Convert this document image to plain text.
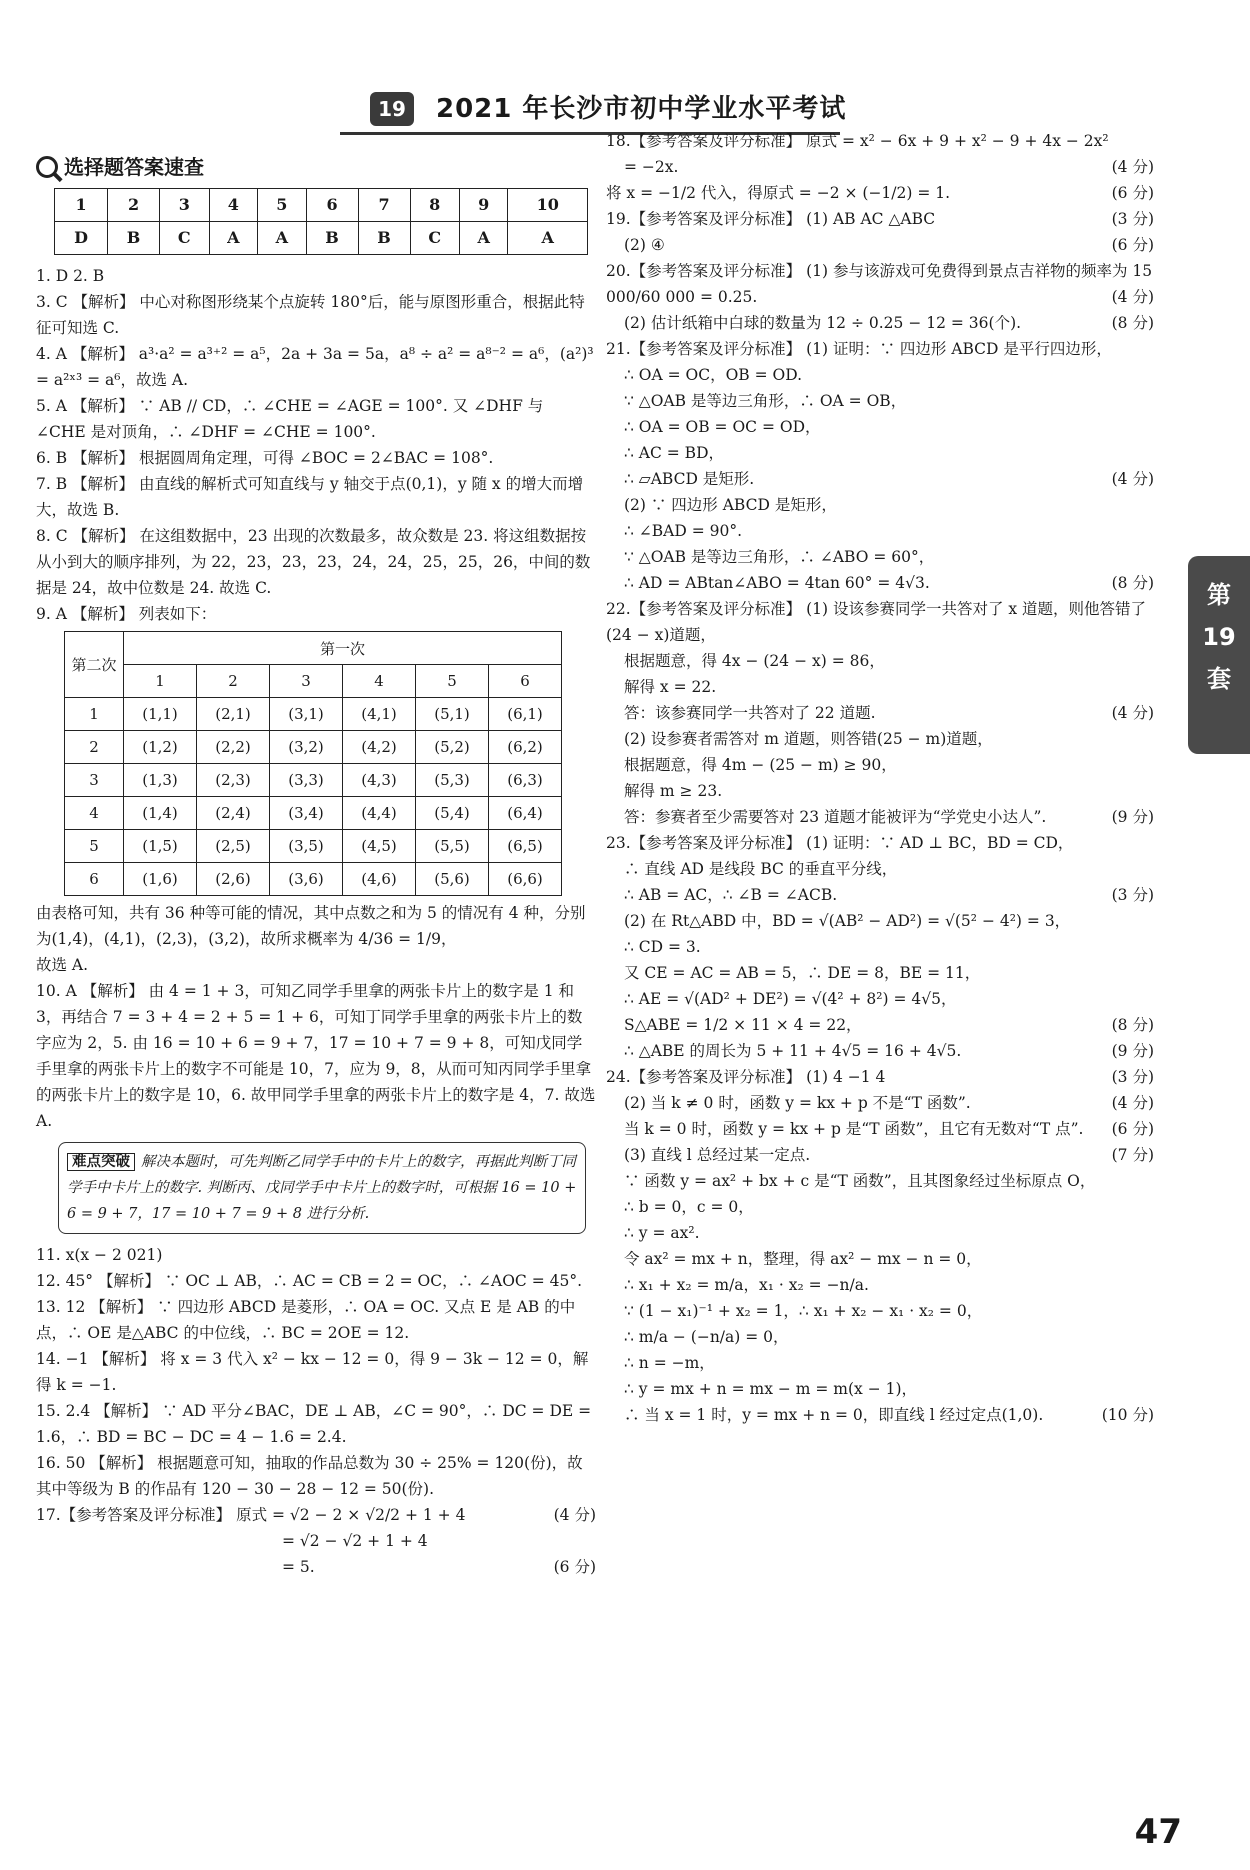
19	2021 年长沙市初中学业水平考试
选择题答案速查
1	2	3	4	5	6	7	8	9	10
D	B	C	A	A	B	B	C	A	A

1. D 2. B

3. C 【解析】 中心对称图形绕某个点旋转 180°后，能与原图形重合，根据此特征可知选 C.

4. A 【解析】 a³·a² = a³⁺² = a⁵，2a + 3a = 5a，a⁸ ÷ a² = a⁸⁻² = a⁶，(a²)³ = a²ˣ³ = a⁶，故选 A.

5. A 【解析】 ∵ AB // CD，∴ ∠CHE = ∠AGE = 100°. 又 ∠DHF 与 ∠CHE 是对顶角，∴ ∠DHF = ∠CHE = 100°.

6. B 【解析】 根据圆周角定理，可得 ∠BOC = 2∠BAC = 108°.

7. B 【解析】 由直线的解析式可知直线与 y 轴交于点(0,1)，y 随 x 的增大而增大，故选 B.

8. C 【解析】 在这组数据中，23 出现的次数最多，故众数是 23. 将这组数据按从小到大的顺序排列，为 22，23，23，23，24，24，25，25，26，中间的数据是 24，故中位数是 24. 故选 C.

9. A 【解析】 列表如下：

第二次	第一次					
	1	2	3	4	5	6
1	(1,1)	(2,1)	(3,1)	(4,1)	(5,1)	(6,1)
2	(1,2)	(2,2)	(3,2)	(4,2)	(5,2)	(6,2)
3	(1,3)	(2,3)	(3,3)	(4,3)	(5,3)	(6,3)
4	(1,4)	(2,4)	(3,4)	(4,4)	(5,4)	(6,4)
5	(1,5)	(2,5)	(3,5)	(4,5)	(5,5)	(6,5)
6	(1,6)	(2,6)	(3,6)	(4,6)	(5,6)	(6,6)

由表格可知，共有 36 种等可能的情况，其中点数之和为 5 的情况有 4 种，分别为(1,4)，(4,1)，(2,3)，(3,2)，故所求概率为 4/36 = 1/9，

故选 A.

10. A 【解析】 由 4 = 1 + 3，可知乙同学手里拿的两张卡片上的数字是 1 和 3，再结合 7 = 3 + 4 = 2 + 5 = 1 + 6，可知丁同学手里拿的两张卡片上的数字应为 2，5. 由 16 = 10 + 6 = 9 + 7，17 = 10 + 7 = 9 + 8，可知戊同学手里拿的两张卡片上的数字不可能是 10，7，应为 9，8，从而可知丙同学手里拿的两张卡片上的数字是 10，6. 故甲同学手里拿的两张卡片上的数字是 4，7. 故选 A.

难点突破 解决本题时，可先判断乙同学手中的卡片上的数字，再据此判断丁同学手中卡片上的数字. 判断丙、戊同学手中卡片上的数字时，可根据 16 = 10 + 6 = 9 + 7，17 = 10 + 7 = 9 + 8 进行分析.

11. x(x − 2 021)

12. 45° 【解析】 ∵ OC ⊥ AB，∴ AC = CB = 2 = OC，∴ ∠AOC = 45°.

13. 12 【解析】 ∵ 四边形 ABCD 是菱形，∴ OA = OC. 又点 E 是 AB 的中点，∴ OE 是△ABC 的中位线，∴ BC = 2OE = 12.

14. −1 【解析】 将 x = 3 代入 x² − kx − 12 = 0，得 9 − 3k − 12 = 0，解得 k = −1.

15. 2.4 【解析】 ∵ AD 平分∠BAC，DE ⊥ AB，∠C = 90°，∴ DC = DE = 1.6，∴ BD = BC − DC = 4 − 1.6 = 2.4.

16. 50 【解析】 根据题意可知，抽取的作品总数为 30 ÷ 25% = 120(份)，故其中等级为 B 的作品有 120 − 30 − 28 − 12 = 50(份).

17.【参考答案及评分标准】 原式 = √2 − 2 × √2/2 + 1 + 4	(4 分)

= √2 − √2 + 1 + 4

= 5.	(6 分)

18.【参考答案及评分标准】 原式 = x² − 6x + 9 + x² − 9 + 4x − 2x²

= −2x.	(4 分)

将 x = −1/2 代入，得原式 = −2 × (−1/2) = 1.	(6 分)

19.【参考答案及评分标准】 (1) AB AC △ABC	(3 分)

(2) ④	(6 分)

20.【参考答案及评分标准】 (1) 参与该游戏可免费得到景点吉祥物的频率为 15 000/60 000 = 0.25.	(4 分)

(2) 估计纸箱中白球的数量为 12 ÷ 0.25 − 12 = 36(个).	(8 分)

21.【参考答案及评分标准】 (1) 证明：∵ 四边形 ABCD 是平行四边形，

∴ OA = OC，OB = OD.

∵ △OAB 是等边三角形，∴ OA = OB，

∴ OA = OB = OC = OD，

∴ AC = BD，

∴ ▱ABCD 是矩形.	(4 分)

(2) ∵ 四边形 ABCD 是矩形，

∴ ∠BAD = 90°.

∵ △OAB 是等边三角形，∴ ∠ABO = 60°，

∴ AD = ABtan∠ABO = 4tan 60° = 4√3.	(8 分)

22.【参考答案及评分标准】 (1) 设该参赛同学一共答对了 x 道题，则他答错了(24 − x)道题，

根据题意，得 4x − (24 − x) = 86，

解得 x = 22.

答：该参赛同学一共答对了 22 道题.	(4 分)

(2) 设参赛者需答对 m 道题，则答错(25 − m)道题，

根据题意，得 4m − (25 − m) ≥ 90，

解得 m ≥ 23.

答：参赛者至少需要答对 23 道题才能被评为“学党史小达人”.	(9 分)

23.【参考答案及评分标准】 (1) 证明：∵ AD ⊥ BC，BD = CD，

∴ 直线 AD 是线段 BC 的垂直平分线，

∴ AB = AC，∴ ∠B = ∠ACB.	(3 分)

(2) 在 Rt△ABD 中，BD = √(AB² − AD²) = √(5² − 4²) = 3，

∴ CD = 3.

又 CE = AC = AB = 5，∴ DE = 8，BE = 11，

∴ AE = √(AD² + DE²) = √(4² + 8²) = 4√5，

S△ABE = 1/2 × 11 × 4 = 22，	(8 分)

∴ △ABE 的周长为 5 + 11 + 4√5 = 16 + 4√5.	(9 分)

24.【参考答案及评分标准】 (1) 4 −1 4	(3 分)

(2) 当 k ≠ 0 时，函数 y = kx + p 不是“T 函数”.	(4 分)

当 k = 0 时，函数 y = kx + p 是“T 函数”，且它有无数对“T 点”. (6 分)

(3) 直线 l 总经过某一定点.	(7 分)

∵ 函数 y = ax² + bx + c 是“T 函数”，且其图象经过坐标原点 O，

∴ b = 0，c = 0，

∴ y = ax².

令 ax² = mx + n，整理，得 ax² − mx − n = 0，

∴ x₁ + x₂ = m/a，x₁ · x₂ = −n/a.

∵ (1 − x₁)⁻¹ + x₂ = 1，∴ x₁ + x₂ − x₁ · x₂ = 0，

∴ m/a − (−n/a) = 0，

∴ n = −m，

∴ y = mx + n = mx − m = m(x − 1)，

∴ 当 x = 1 时，y = mx + n = 0，即直线 l 经过定点(1,0).	(10 分)

第
19
套
47
